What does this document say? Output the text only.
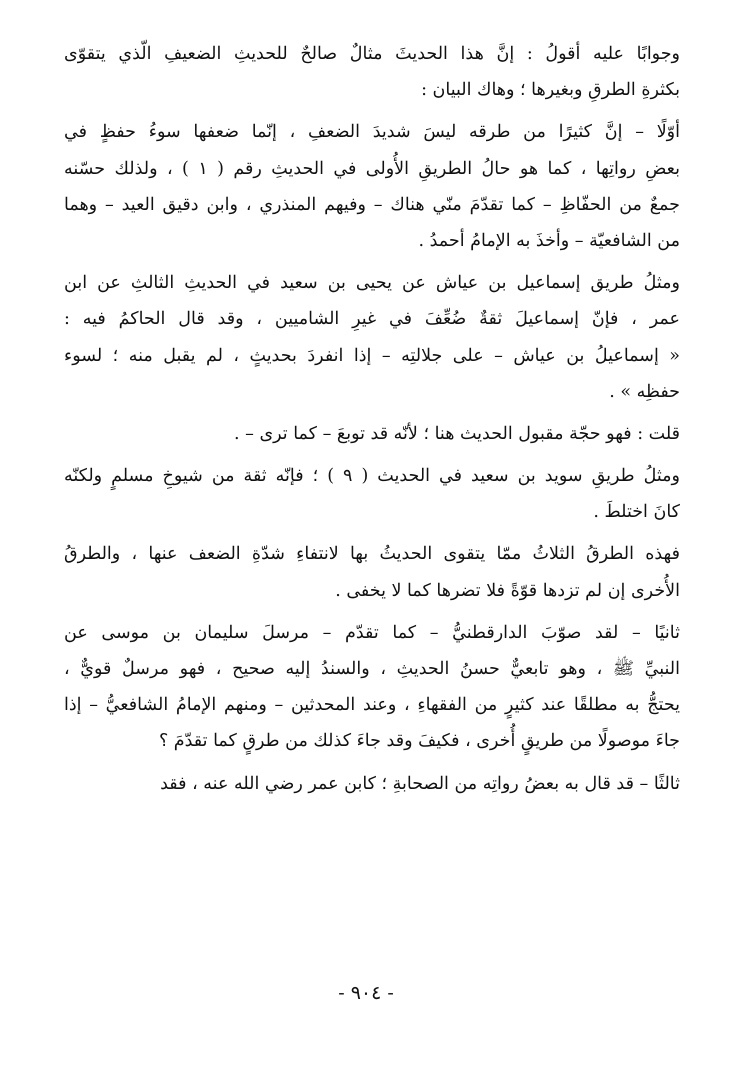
وجوابًا عليه أقولُ : إنَّ هذا الحديثَ مثالٌ صالحٌ للحديثِ الضعيفِ الّذي يتقوّى
بكثرةِ الطرقِ وبغيرها ؛ وهاك البيان :
أوّلًا – إنَّ كثيرًا من طرقه ليسَ شديدَ الضعفِ ، إنّما ضعفها سوءُ حفظٍ في
بعضِ رواتِها ، كما هو حالُ الطريقِ الأُولى في الحديثِ رقم ( ١ ) ، ولذلك حسّنه
جمعٌ من الحفّاظِ – كما تقدّمَ منّي هناك – وفيهم المنذري ، وابن دقيق العيد – وهما
من الشافعيّة – وأخذَ به الإمامُ أحمدُ .
ومثلُ طريق إسماعيل بن عياش عن يحيى بن سعيد في الحديثِ الثالثِ عن ابن
عمر ، فإنّ إسماعيلَ ثقةٌ ضُعِّفَ في غيرِ الشاميين ، وقد قال الحاكمُ فيه :
« إسماعيلُ بن عياش – على جلالتِه – إذا انفردَ بحديثٍ ، لم يقبل منه ؛ لسوء
حفظِه » .
قلت : فهو حجّة مقبول الحديث هنا ؛ لأنّه قد توبعَ – كما ترى – .
ومثلُ طريقِ سويد بن سعيد في الحديث ( ٩ ) ؛ فإنّه ثقة من شيوخِ مسلمٍ ولكنّه
كانَ اختلطَ .
فهذه الطرقُ الثلاثُ ممّا يتقوى الحديثُ بها لانتفاءِ شدّةِ الضعف عنها ، والطرقُ
الأُخرى إن لم تزدها قوّةً فلا تضرها كما لا يخفى .
ثانيًا – لقد صوّبَ الدارقطنيُّ – كما تقدّم – مرسلَ سليمان بن موسى عن
النبيِّ ﷺ ، وهو تابعيٌّ حسنُ الحديثِ ، والسندُ إليه صحيح ، فهو مرسلٌ قويٌّ ،
يحتجُّ به مطلقًا عند كثيرٍ من الفقهاءِ ، وعند المحدثين – ومنهم الإمامُ الشافعيُّ – إذا
جاءَ موصولًا من طريقٍ أُخرى ، فكيفَ وقد جاءَ كذلك من طرقٍ كما تقدّمَ ؟
ثالثًا – قد قال به بعضُ رواتِه من الصحابةِ ؛ كابن عمر رضي الله عنه ، فقد
- ٩٠٤ -
